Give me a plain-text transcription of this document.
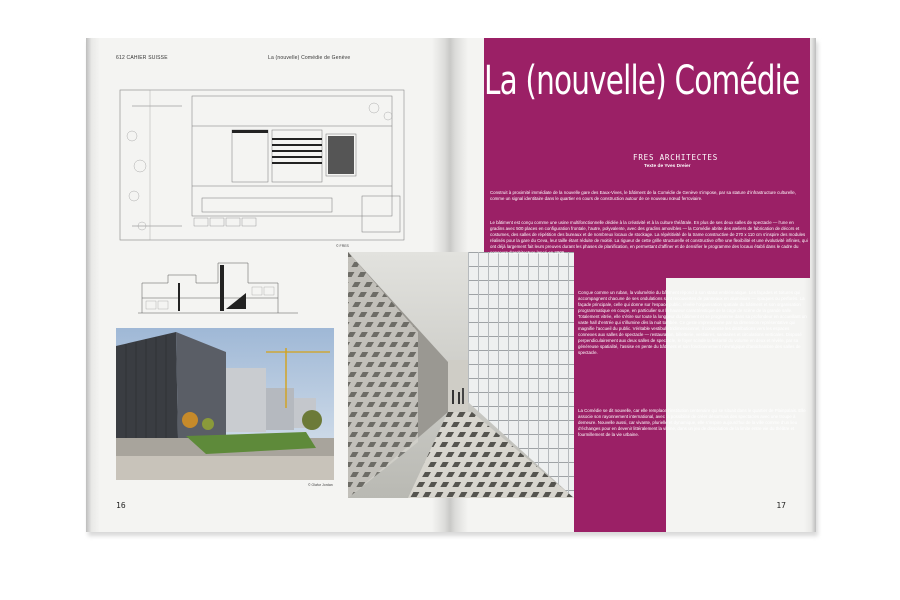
612 CAHIER SUISSE	La (nouvelle) Comédie de Genève
© FRES
© Olafur Jordan
16	17
La (nouvelle) Comédie
FRES ARCHITECTES
Texte de Yves Dreier
Construit à proximité immédiate de la nouvelle gare des Eaux-Vives, le bâtiment de la Comédie de Genève s’impose, par sa stature d’infrastructure culturelle, comme un signal identitaire dans le quartier en cours de construction autour de ce nouveau nœud ferroviaire.
Le bâtiment est conçu comme une usine multifonctionnelle dédiée à la créativité et à la culture théâtrale. En plus de ses deux salles de spectacle — l’une en gradins avec 500 places en configuration frontale, l’autre, polyvalente, avec des gradins amovibles — la Comédie abrite des ateliers de fabrication de décors et costumes, des salles de répétition des bureaux et de nombreux locaux de stockage. La répétitivité de la trame constructive de 270 x 110 cm s’inspire des modules réalisés pour la gare du Ceva, leur taille étant réduite de moitié. La rigueur de cette grille structurelle et constructive offre une flexibilité et une évolutivité infinies, qui ont déjà largement fait leurs preuves durant les phases de planification, en permettant d’affiner et de densifier le programme des locaux établi dans le cadre du concours d’architecture lancé en 2009.
Conçue comme un ruban, la volumétrie du bâtiment répond à son statut emblématique. Les façades et toitures qui accompagnent chacune de ses ondulations sont recouvertes de panneaux en aluminium — opaques ou perforés. La façade principale, celle qui donne sur l’espace public, révèle l’organisation spatiale du bâtiment et son organisation programmatique en coupe, en particulier sur la hauteur caractéristique de la cage de scène de la grande salle. Totalement vitrée, elle s’étire sur toute la longueur du bâtiment et se programme dans sa profondeur en accueillant un vaste hall d’entrée qui s’illumine dès la nuit tombée. Ce geste impressionne par sa dimension représentative qui magnifie l’accueil du public. Véritable vestibule tridimensionnel, il condense les distributions vers les espaces connexes aux salles de spectacle — restauration, billetterie, vestiaires, sanitaires et circulations verticales. Disposé perpendiculairement aux deux salles de spectacle, le foyer scinde la linéarité du volume en deux et révèle, par sa généreuse spatialité, l’assise en pente du bâtiment et son fonctionnement névralgique d’antichambre des salles de spectacle.
La Comédie se dit nouvelle, car elle remplace l’institution centenaire qui se situait dans le quartier de Plainpalais. Elle associe son rayonnement international, avec la possibilité de créer désormais des spectacles avec une troupe à demeure. Nouvelle aussi, car vivante, plurielle et dynamique, elle s’inspire aujourd’hui de la ville comme d’un lieu d’échanges pour en devenir littéralement la vitrine, dans un jeu de dissolution de la limite entre vie du théâtre et fourmillement de la vie urbaine.
